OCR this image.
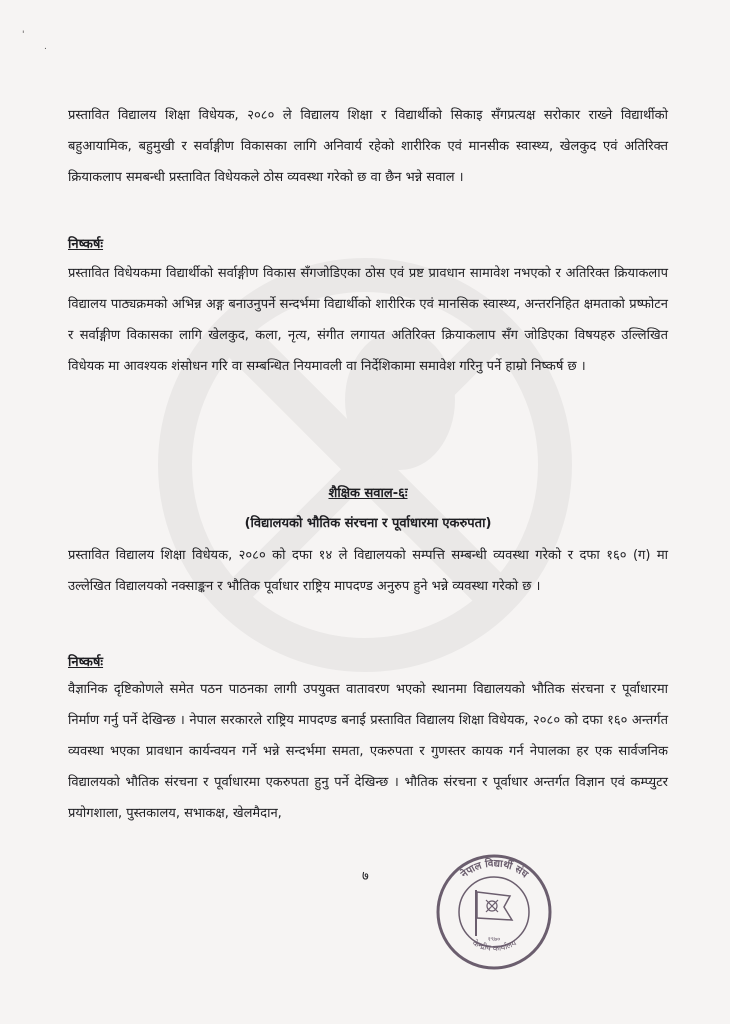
'
.

प्रस्तावित विद्यालय शिक्षा विधेयक, २०८० ले विद्यालय शिक्षा र विद्यार्थीको सिकाइ सँगप्रत्यक्ष सरोकार राख्ने विद्यार्थीको बहुआयामिक, बहुमुखी र सर्वाङ्गीण विकासका लागि अनिवार्य रहेको शारीरिक एवं मानसीक स्वास्थ्य, खेलकुद एवं अतिरिक्त क्रियाकलाप समबन्धी प्रस्तावित विधेयकले ठोस व्यवस्था गरेको छ वा छैन भन्ने सवाल ।

निष्कर्षः

प्रस्तावित विधेयकमा विद्यार्थीको सर्वाङ्गीण विकास सँगजोडिएका ठोस एवं प्रष्ट प्रावधान सामावेश नभएको र अतिरिक्त क्रियाकलाप विद्यालय पाठ्यक्रमको अभिन्न अङ्ग बनाउनुपर्ने सन्दर्भमा विद्यार्थीको शारीरिक एवं मानसिक स्वास्थ्य, अन्तरनिहित क्षमताको प्रष्फोटन र सर्वाङ्गीण विकासका लागि खेलकुद, कला, नृत्य, संगीत लगायत अतिरिक्त क्रियाकलाप सँग जोडिएका विषयहरु उल्लिखित विधेयक मा आवश्यक शंसोधन गरि वा सम्बन्धित नियमावली वा निर्देशिकामा समावेश गरिनु पर्ने हाम्रो निष्कर्ष छ ।

शैक्षिक सवाल-६ः

(विद्यालयको भौतिक संरचना र पूर्वाधारमा एकरुपता)

प्रस्तावित विद्यालय शिक्षा विधेयक, २०८० को दफा १४ ले विद्यालयको सम्पत्ति सम्बन्धी व्यवस्था गरेको र दफा १६० (ग) मा उल्लेखित विद्यालयको नक्साङ्कन र भौतिक पूर्वाधार राष्ट्रिय मापदण्ड अनुरुप हुने भन्ने व्यवस्था गरेको छ ।

निष्कर्षः

वैज्ञानिक दृष्टिकोणले समेत पठन पाठनका लागी उपयुक्त वातावरण भएको स्थानमा विद्यालयको भौतिक संरचना र पूर्वाधारमा निर्माण गर्नु पर्ने देखिन्छ । नेपाल सरकारले राष्ट्रिय मापदण्ड बनाई प्रस्तावित विद्यालय शिक्षा विधेयक, २०८० को दफा १६० अन्तर्गत व्यवस्था भएका प्रावधान कार्यन्वयन गर्ने भन्ने सन्दर्भमा समता, एकरुपता र गुणस्तर कायक गर्न नेपालका हर एक सार्वजनिक विद्यालयको भौतिक संरचना र पूर्वाधारमा एकरुपता हुनु पर्ने देखिन्छ । भौतिक संरचना र पूर्वाधार अन्तर्गत विज्ञान एवं कम्प्युटर प्रयोगशाला, पुस्तकालय, सभाकक्ष, खेलमैदान,

७	नेपाल विद्यार्थी संघ
केन्द्रीय कार्यालय
१९७०
